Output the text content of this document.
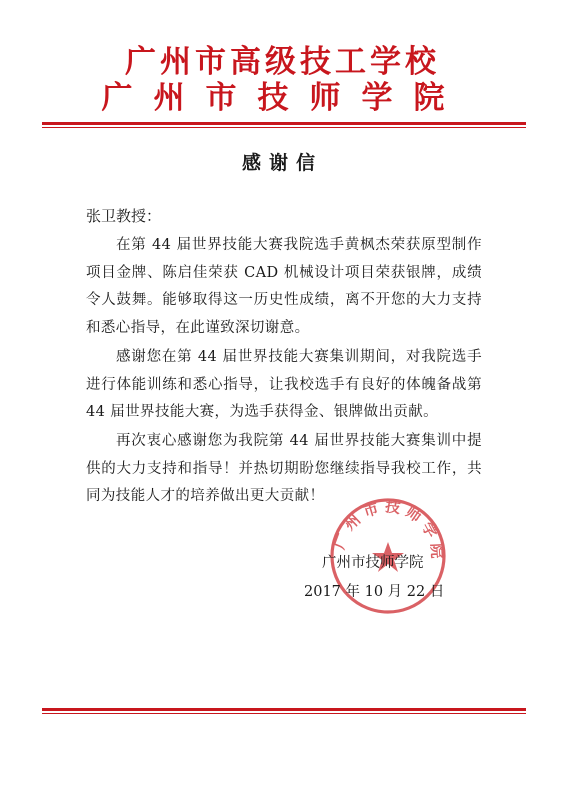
广州市高级技工学校
广州市技师学院
感谢信
张卫教授：
在第 44 届世界技能大赛我院选手黄枫杰荣获原型制作项目金牌、陈启佳荣获 CAD 机械设计项目荣获银牌，成绩令人鼓舞。能够取得这一历史性成绩，离不开您的大力支持和悉心指导，在此谨致深切谢意。
感谢您在第 44 届世界技能大赛集训期间，对我院选手进行体能训练和悉心指导，让我校选手有良好的体魄备战第 44 届世界技能大赛，为选手获得金、银牌做出贡献。
再次衷心感谢您为我院第 44 届世界技能大赛集训中提供的大力支持和指导！并热切期盼您继续指导我校工作，共同为技能人才的培养做出更大贡献！
广州市技师学院
广州市技师学院
2017 年 10 月 22 日
